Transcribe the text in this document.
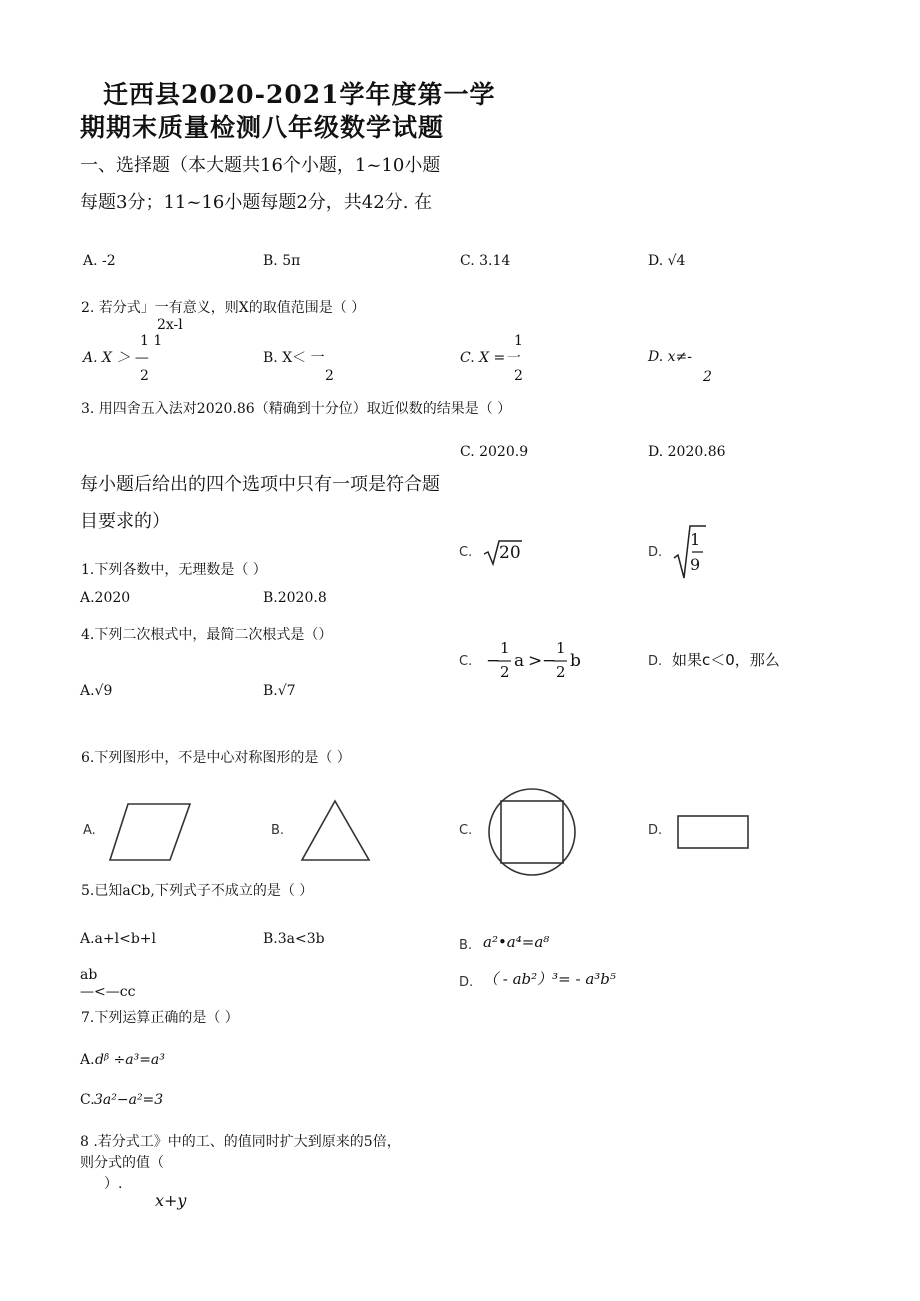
迁西县2020-2021学年度第一学
期期末质量检测八年级数学试题
一、选择题（本大题共16个小题，1~10小题
每题3分；11~16小题每题2分，共42分. 在
A. -2	B. 5π	C. 3.14	D. √4
2. 若分式」一有意义，则X的取值范围是（ ）
2x-l
1 1
A. X ＞ —
2
B. X＜ 一
2
1
C. X =一
2
D. x≠-
2
3. 用四舍五入法对2020.86（精确到十分位）取近似数的结果是（ ）
C. 2020.9	D. 2020.86
每小题后给出的四个选项中只有一项是符合题
目要求的）
C. 20	D.
1
9
1.下列各数中，无理数是（ ）
A.2020	B.2020.8
4.下列二次根式中，最简二次根式是（）
C. −
1
2
a > −
1
2
b	D. 如果c＜0，那么
A.√9	B.√7
6.下列图形中，不是中心对称图形的是（ ）
A.	B.	C.	D.
5.已知aCb,下列式子不成立的是（ ）
A.a+l<b+l	B.3a<3b	B. a²•a⁴=a⁸
D. （ - ab²）³= - a³b⁵
ab
—<—cc
7.下列运算正确的是（ ）
A. dᵝ ÷a³=a³
C. 3a²−a²=3
8 .若分式工》中的工、的值同时扩大到原来的5倍，
则分式的值（
）.
x+y
